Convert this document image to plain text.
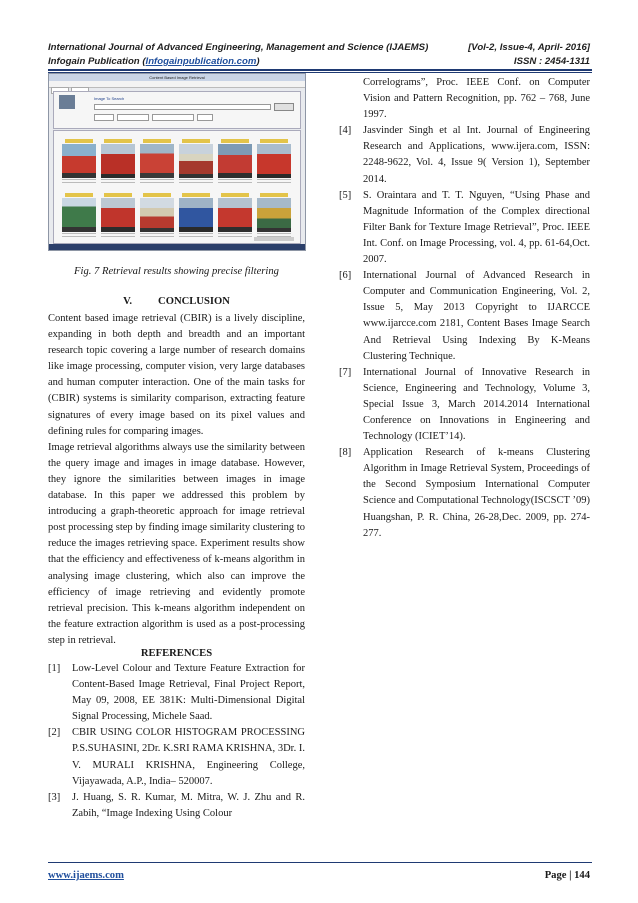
International Journal of Advanced Engineering, Management and Science (IJAEMS)	[Vol-2, Issue-4, April- 2016]
Infogain Publication (Infogainpublication.com)	ISSN : 2454-1311
Content Based Image Retrieval
Image To Search
Fig. 7 Retrieval results showing precise filtering
V. CONCLUSION

Content based image retrieval (CBIR) is a lively discipline, expanding in both depth and breadth and an important research topic covering a large number of research domains like image processing, computer vision, very large databases and human computer interaction. One of the main tasks for (CBIR) systems is similarity comparison, extracting feature signatures of every image based on its pixel values and defining rules for comparing images.

Image retrieval algorithms always use the similarity between the query image and images in image database. However, they ignore the similarities between images in image database. In this paper we addressed this problem by introducing a graph-theoretic approach for image retrieval post processing step by finding image similarity clustering to reduce the images retrieving space. Experiment results show that the efficiency and effectiveness of k-means algorithm in analysing image clustering, which also can improve the efficiency of image retrieving and evidently promote retrieval precision. This k-means algorithm independent on the feature extraction algorithm is used as a post-processing step in retrieval.

REFERENCES
[1] Low-Level Colour and Texture Feature Extraction for Content-Based Image Retrieval, Final Project Report, May 09, 2008, EE 381K: Multi-Dimensional Digital Signal Processing, Michele Saad.
[2] CBIR USING COLOR HISTOGRAM PROCESSING P.S.SUHASINI, 2Dr. K.SRI RAMA KRISHNA, 3Dr. I. V. MURALI KRISHNA, Engineering College, Vijayawada, A.P., India– 520007.
[3] J. Huang, S. R. Kumar, M. Mitra, W. J. Zhu and R. Zabih, “Image Indexing Using Colour
Correlograms”, Proc. IEEE Conf. on Computer Vision and Pattern Recognition, pp. 762 – 768, June 1997.
[4] Jasvinder Singh et al Int. Journal of Engineering Research and Applications, www.ijera.com, ISSN: 2248-9622, Vol. 4, Issue 9( Version 1), September 2014.
[5] S. Oraintara and T. T. Nguyen, “Using Phase and Magnitude Information of the Complex directional Filter Bank for Texture Image Retrieval”, Proc. IEEE Int. Conf. on Image Processing, vol. 4, pp. 61-64,Oct. 2007.
[6] International Journal of Advanced Research in Computer and Communication Engineering, Vol. 2, Issue 5, May 2013 Copyright to IJARCCE www.ijarcce.com 2181, Content Bases Image Search And Retrieval Using Indexing By K-Means Clustering Technique.
[7] International Journal of Innovative Research in Science, Engineering and Technology, Volume 3, Special Issue 3, March 2014.2014 International Conference on Innovations in Engineering and Technology (ICIET’14).
[8] Application Research of k-means Clustering Algorithm in Image Retrieval System, Proceedings of the Second Symposium International Computer Science and Computational Technology(ISCSCT ’09) Huangshan, P. R. China, 26-28,Dec. 2009, pp. 274-277.
www.ijaems.com	Page | 144
